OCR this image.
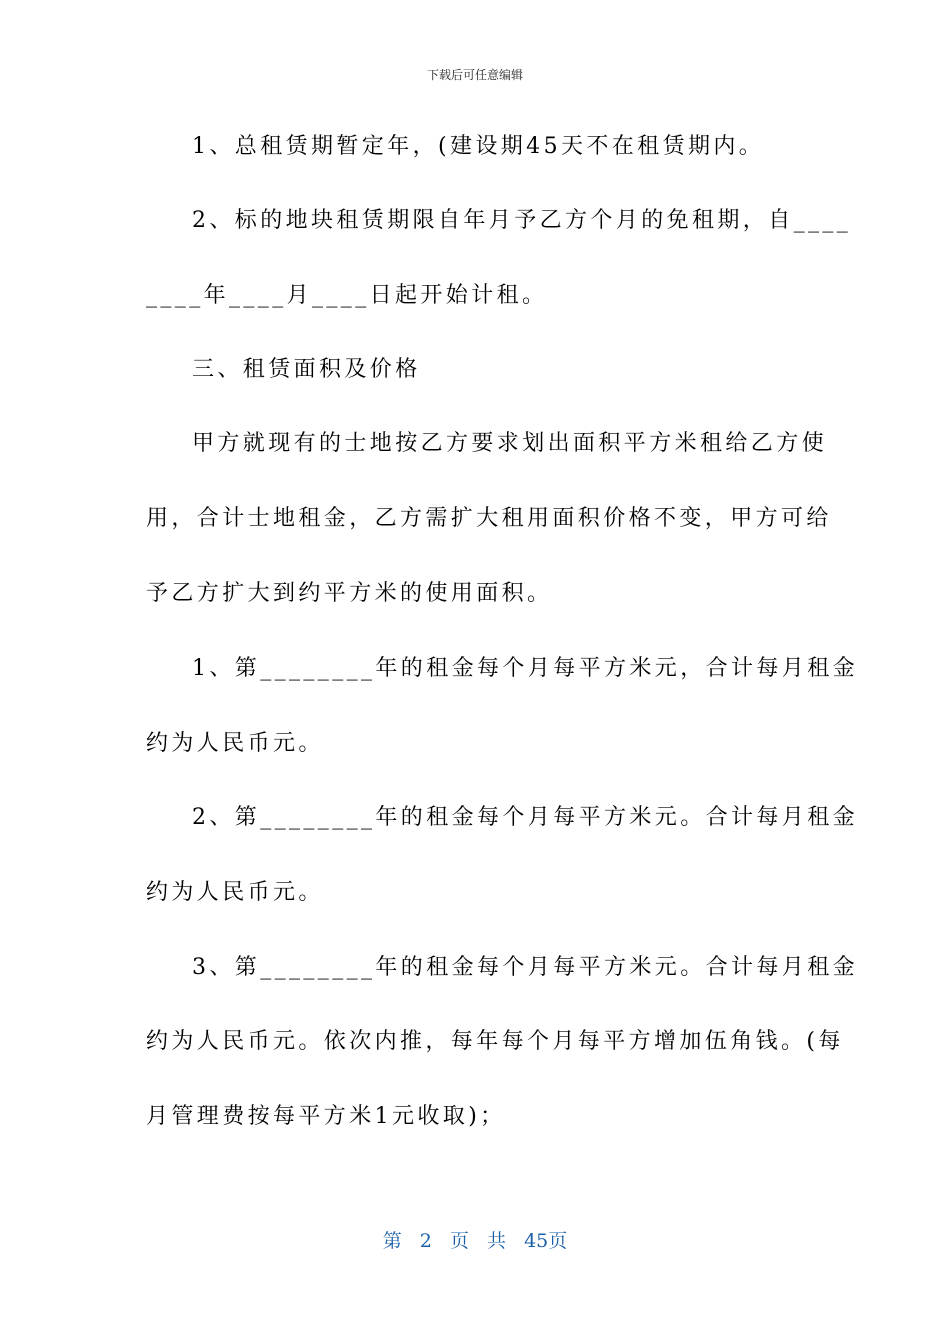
下载后可任意编辑
1、总租赁期暂定年，(建设期45天不在租赁期内。
2、标的地块租赁期限自年月予乙方个月的免租期，自____
____年____月____日起开始计租。
三、租赁面积及价格
甲方就现有的士地按乙方要求划出面积平方米租给乙方使
用，合计士地租金，乙方需扩大租用面积价格不变，甲方可给
予乙方扩大到约平方米的使用面积。
1、第________年的租金每个月每平方米元，合计每月租金
约为人民币元。
2、第________年的租金每个月每平方米元。合计每月租金
约为人民币元。
3、第________年的租金每个月每平方米元。合计每月租金
约为人民币元。依次内推，每年每个月每平方增加伍角钱。(每
月管理费按每平方米1元收取)；
第 2 页 共 45页
